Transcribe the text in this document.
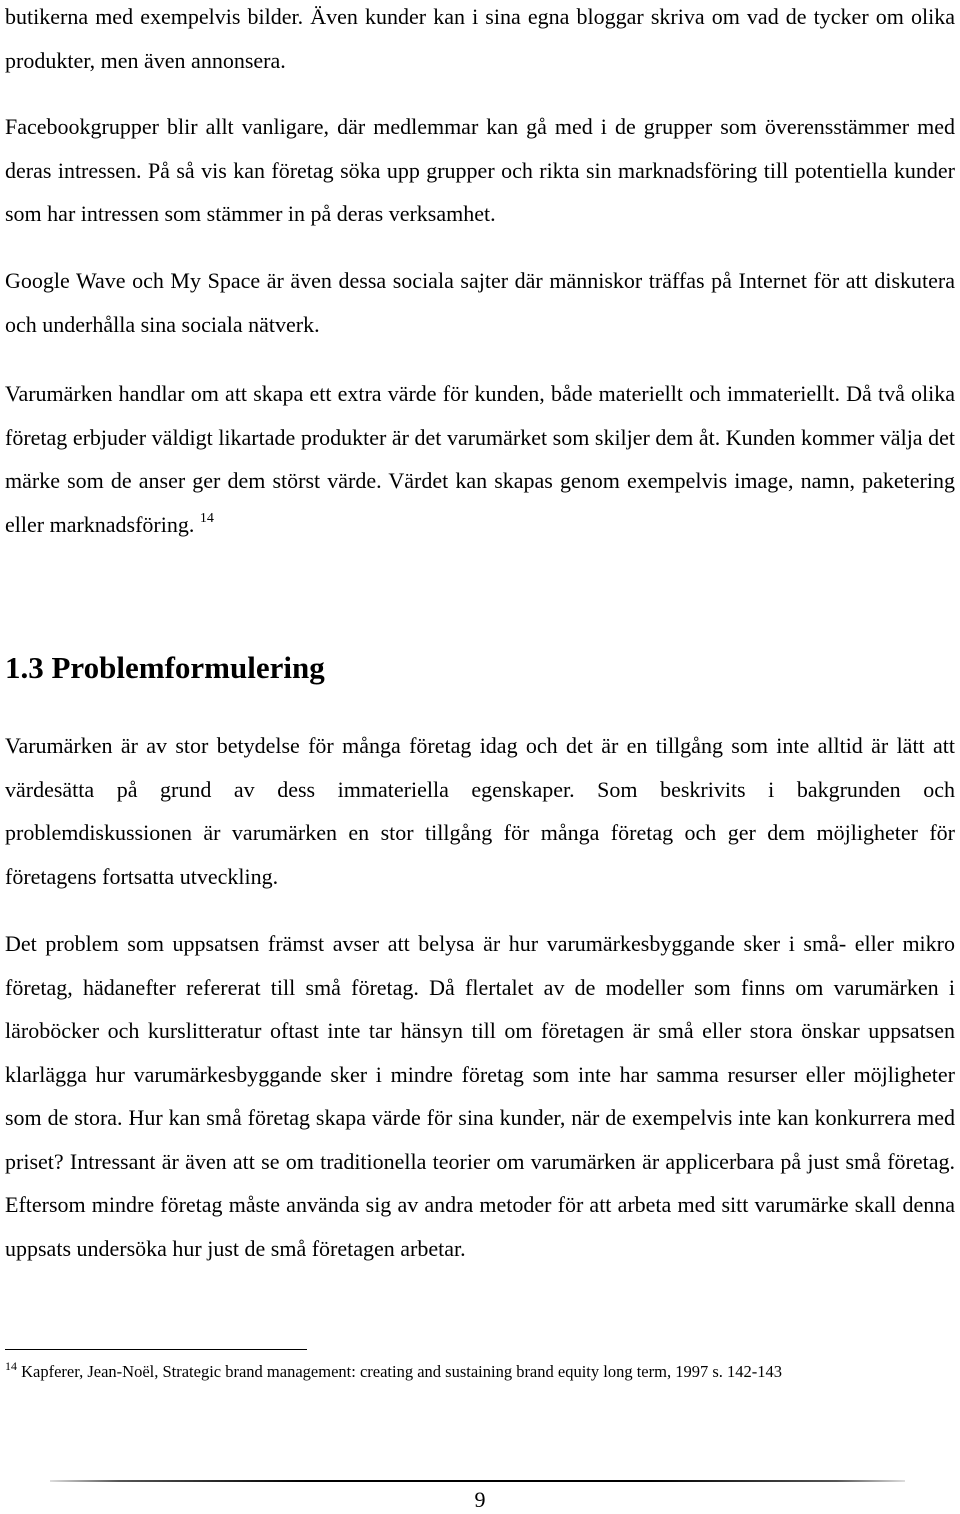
butikerna med exempelvis bilder. Även kunder kan i sina egna bloggar skriva om vad de tycker om olika produkter, men även annonsera.

Facebookgrupper blir allt vanligare, där medlemmar kan gå med i de grupper som överensstämmer med deras intressen. På så vis kan företag söka upp grupper och rikta sin marknadsföring till potentiella kunder som har intressen som stämmer in på deras verksamhet.

Google Wave och My Space är även dessa sociala sajter där människor träffas på Internet för att diskutera och underhålla sina sociala nätverk.

Varumärken handlar om att skapa ett extra värde för kunden, både materiellt och immateriellt. Då två olika företag erbjuder väldigt likartade produkter är det varumärket som skiljer dem åt. Kunden kommer välja det märke som de anser ger dem störst värde. Värdet kan skapas genom exempelvis image, namn, paketering eller marknadsföring. $^{14}$

1.3 Problemformulering

Varumärken är av stor betydelse för många företag idag och det är en tillgång som inte alltid är lätt att värdesätta på grund av dess immateriella egenskaper. Som beskrivits i bakgrunden och problemdiskussionen är varumärken en stor tillgång för många företag och ger dem möjligheter för företagens fortsatta utveckling.

Det problem som uppsatsen främst avser att belysa är hur varumärkesbyggande sker i små- eller mikro företag, hädanefter refererat till små företag. Då flertalet av de modeller som finns om varumärken i läroböcker och kurslitteratur oftast inte tar hänsyn till om företagen är små eller stora önskar uppsatsen klarlägga hur varumärkesbyggande sker i mindre företag som inte har samma resurser eller möjligheter som de stora. Hur kan små företag skapa värde för sina kunder, när de exempelvis inte kan konkurrera med priset? Intressant är även att se om traditionella teorier om varumärken är applicerbara på just små företag. Eftersom mindre företag måste använda sig av andra metoder för att arbeta med sitt varumärke skall denna uppsats undersöka hur just de små företagen arbetar.

$^{14}$ Kapferer, Jean-Noël, Strategic brand management: creating and sustaining brand equity long term, 1997 s. 142-143

9
